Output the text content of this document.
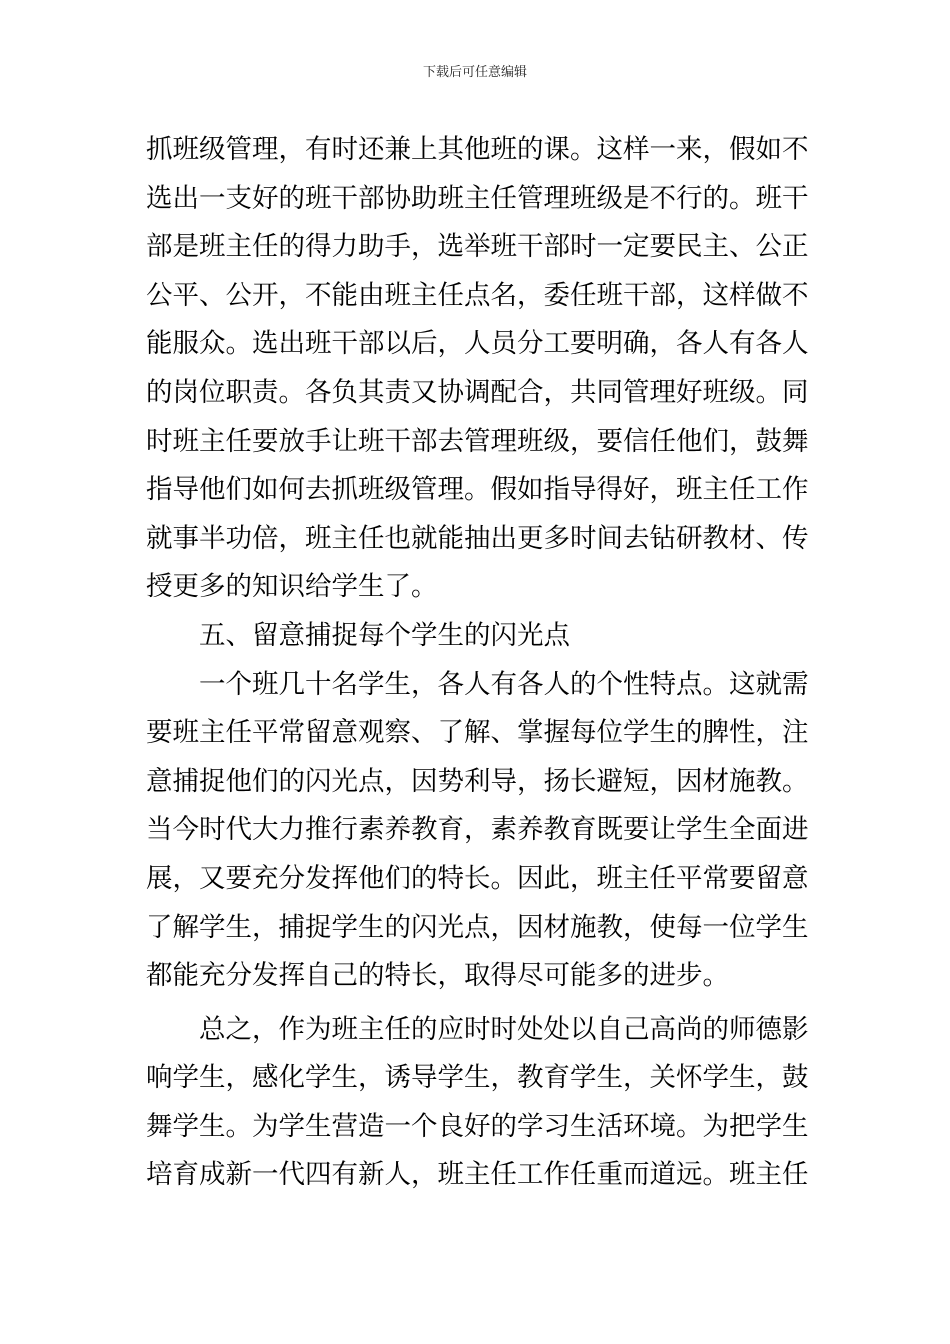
下载后可任意编辑
抓班级管理，有时还兼上其他班的课。这样一来，假如不
选出一支好的班干部协助班主任管理班级是不行的。班干
部是班主任的得力助手，选举班干部时一定要民主、公正
公平、公开，不能由班主任点名，委任班干部，这样做不
能服众。选出班干部以后，人员分工要明确，各人有各人
的岗位职责。各负其责又协调配合，共同管理好班级。同
时班主任要放手让班干部去管理班级，要信任他们，鼓舞
指导他们如何去抓班级管理。假如指导得好，班主任工作
就事半功倍，班主任也就能抽出更多时间去钻研教材、传
授更多的知识给学生了。
五、留意捕捉每个学生的闪光点
一个班几十名学生，各人有各人的个性特点。这就需
要班主任平常留意观察、了解、掌握每位学生的脾性，注
意捕捉他们的闪光点，因势利导，扬长避短，因材施教。
当今时代大力推行素养教育，素养教育既要让学生全面进
展，又要充分发挥他们的特长。因此，班主任平常要留意
了解学生，捕捉学生的闪光点，因材施教，使每一位学生
都能充分发挥自己的特长，取得尽可能多的进步。
总之，作为班主任的应时时处处以自己高尚的师德影
响学生，感化学生，诱导学生，教育学生，关怀学生，鼓
舞学生。为学生营造一个良好的学习生活环境。为把学生
培育成新一代四有新人，班主任工作任重而道远。班主任
